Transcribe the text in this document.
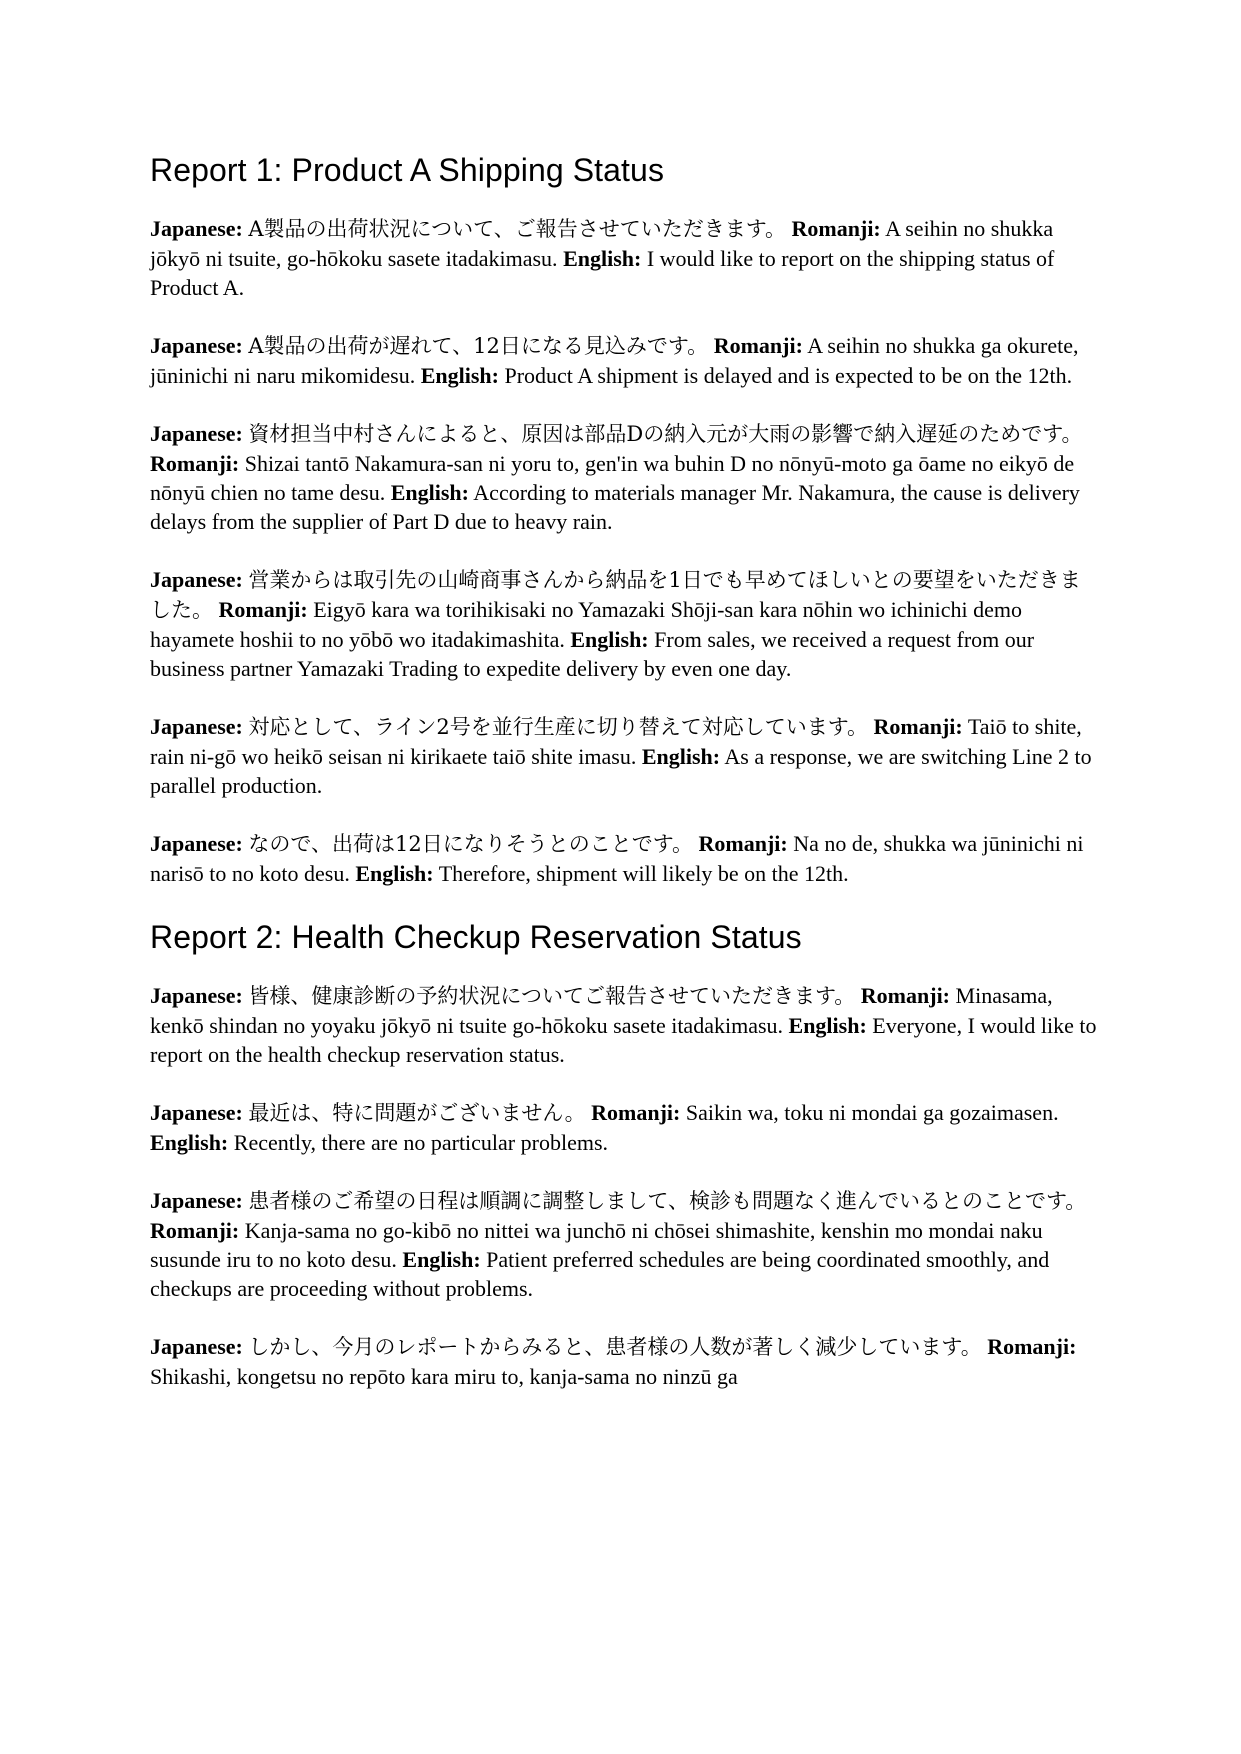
Report 1: Product A Shipping Status

Japanese: A製品の出荷状況について、ご報告させていただきます。 Romanji: A seihin no shukka jōkyō ni tsuite, go-hōkoku sasete itadakimasu. English: I would like to report on the shipping status of Product A.

Japanese: A製品の出荷が遅れて、12日になる見込みです。 Romanji: A seihin no shukka ga okurete, jūninichi ni naru mikomidesu. English: Product A shipment is delayed and is expected to be on the 12th.

Japanese: 資材担当中村さんによると、原因は部品Dの納入元が大雨の影響で納入遅延のためです。 Romanji: Shizai tantō Nakamura-san ni yoru to, gen'in wa buhin D no nōnyū-moto ga ōame no eikyō de nōnyū chien no tame desu. English: According to materials manager Mr. Nakamura, the cause is delivery delays from the supplier of Part D due to heavy rain.

Japanese: 営業からは取引先の山崎商事さんから納品を1日でも早めてほしいとの要望をいただきました。 Romanji: Eigyō kara wa torihikisaki no Yamazaki Shōji-san kara nōhin wo ichinichi demo hayamete hoshii to no yōbō wo itadakimashita. English: From sales, we received a request from our business partner Yamazaki Trading to expedite delivery by even one day.

Japanese: 対応として、ライン2号を並行生産に切り替えて対応しています。 Romanji: Taiō to shite, rain ni-gō wo heikō seisan ni kirikaete taiō shite imasu. English: As a response, we are switching Line 2 to parallel production.

Japanese: なので、出荷は12日になりそうとのことです。 Romanji: Na no de, shukka wa jūninichi ni narisō to no koto desu. English: Therefore, shipment will likely be on the 12th.

Report 2: Health Checkup Reservation Status

Japanese: 皆様、健康診断の予約状況についてご報告させていただきます。 Romanji: Minasama, kenkō shindan no yoyaku jōkyō ni tsuite go-hōkoku sasete itadakimasu. English: Everyone, I would like to report on the health checkup reservation status.

Japanese: 最近は、特に問題がございません。 Romanji: Saikin wa, toku ni mondai ga gozaimasen. English: Recently, there are no particular problems.

Japanese: 患者様のご希望の日程は順調に調整しまして、検診も問題なく進んでいるとのことです。 Romanji: Kanja-sama no go-kibō no nittei wa junchō ni chōsei shimashite, kenshin mo mondai naku susunde iru to no koto desu. English: Patient preferred schedules are being coordinated smoothly, and checkups are proceeding without problems.

Japanese: しかし、今月のレポートからみると、患者様の人数が著しく減少しています。 Romanji: Shikashi, kongetsu no repōto kara miru to, kanja-sama no ninzū ga
